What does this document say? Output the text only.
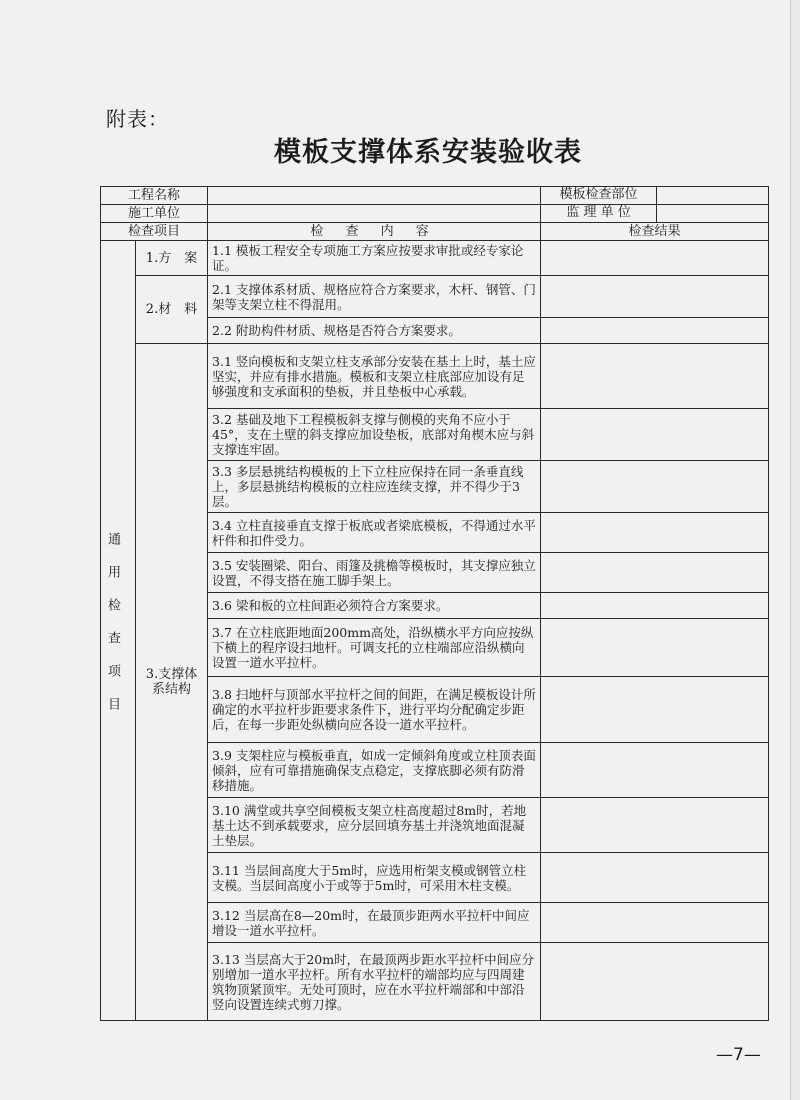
附表：
模板支撑体系安装验收表
工程名称			模板检查部位

施工单位			监 理 单 位

检查项目		检 查 内 容	检查结果

通用检查项目	1.方　案	1.1 模板工程安全专项施工方案应按要求审批或经专家论证。	
	2.材　料	2.1 支撑体系材质、规格应符合方案要求，木杆、钢管、门架等支架立柱不得混用。	
		2.2 附助构件材质、规格是否符合方案要求。	
	3.支撑体系结构	3.1 竖向模板和支架立柱支承部分安装在基土上时，基土应坚实，并应有排水措施。模板和支架立柱底部应加设有足够强度和支承面积的垫板，并且垫板中心承载。	
		3.2 基础及地下工程模板斜支撑与侧模的夹角不应小于45°，支在土壁的斜支撑应加设垫板，底部对角楔木应与斜支撑连牢固。	
		3.3 多层悬挑结构模板的上下立柱应保持在同一条垂直线上，多层悬挑结构模板的立柱应连续支撑，并不得少于3层。	
		3.4 立柱直接垂直支撑于板底或者梁底模板，不得通过水平杆件和扣件受力。	
		3.5 安装圈梁、阳台、雨篷及挑檐等模板时，其支撑应独立设置，不得支搭在施工脚手架上。	
		3.6 梁和板的立柱间距必须符合方案要求。	
		3.7 在立柱底距地面200mm高处，沿纵横水平方向应按纵下横上的程序设扫地杆。可调支托的立柱端部应沿纵横向设置一道水平拉杆。	
		3.8 扫地杆与顶部水平拉杆之间的间距，在满足模板设计所确定的水平拉杆步距要求条件下，进行平均分配确定步距后，在每一步距处纵横向应各设一道水平拉杆。	
		3.9 支架柱应与模板垂直，如成一定倾斜角度或立柱顶表面倾斜，应有可靠措施确保支点稳定，支撑底脚必须有防滑移措施。	
		3.10 满堂或共享空间模板支架立柱高度超过8m时，若地基土达不到承载要求，应分层回填夯基土并浇筑地面混凝土垫层。	
		3.11 当层间高度大于5m时，应选用桁架支模或钢管立柱支模。当层间高度小于或等于5m时，可采用木柱支模。	
		3.12 当层高在8—20m时，在最顶步距两水平拉杆中间应增设一道水平拉杆。	
		3.13 当层高大于20m时，在最顶两步距水平拉杆中间应分别增加一道水平拉杆。所有水平拉杆的端部均应与四周建筑物顶紧顶牢。无处可顶时，应在水平拉杆端部和中部沿竖向设置连续式剪刀撑。	
—7—
